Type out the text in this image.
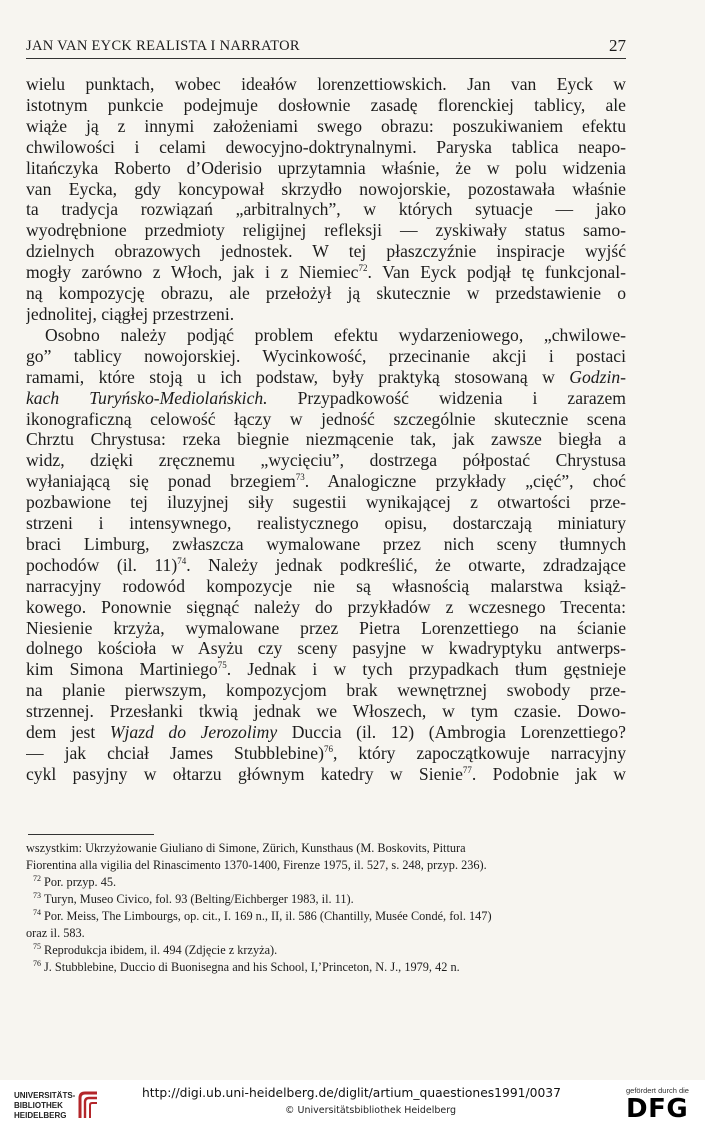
JAN VAN EYCK REALISTA I NARRATOR	27
wielu punktach, wobec ideałów lorenzettiowskich. Jan van Eyck w
istotnym punkcie podejmuje dosłownie zasadę florenckiej tablicy, ale
wiąże ją z innymi założeniami swego obrazu: poszukiwaniem efektu
chwilowości i celami dewocyjno-doktrynalnymi. Paryska tablica neapo-
litańczyka Roberto d’Oderisio uprzytamnia właśnie, że w polu widzenia
van Eycka, gdy koncypował skrzydło nowojorskie, pozostawała właśnie
ta tradycja rozwiązań „arbitralnych”, w których sytuacje — jako
wyodrębnione przedmioty religijnej refleksji — zyskiwały status samo-
dzielnych obrazowych jednostek. W tej płaszczyźnie inspiracje wyjść
mogły zarówno z Włoch, jak i z Niemiec$^{72}$. Van Eyck podjął tę funkcjonal-
ną kompozycję obrazu, ale przełożył ją skutecznie w przedstawienie o
jednolitej, ciągłej przestrzeni.
Osobno należy podjąć problem efektu wydarzeniowego, „chwilowe-
go” tablicy nowojorskiej. Wycinkowość, przecinanie akcji i postaci
ramami, które stoją u ich podstaw, były praktyką stosowaną w Godzin-
kach Turyńsko-Mediolańskich. Przypadkowość widzenia i zarazem
ikonograficzną celowość łączy w jedność szczególnie skutecznie scena
Chrztu Chrystusa: rzeka biegnie niezmącenie tak, jak zawsze biegła a
widz, dzięki zręcznemu „wycięciu”, dostrzega półpostać Chrystusa
wyłaniającą się ponad brzegiem$^{73}$. Analogiczne przykłady „cięć”, choć
pozbawione tej iluzyjnej siły sugestii wynikającej z otwartości prze-
strzeni i intensywnego, realistycznego opisu, dostarczają miniatury
braci Limburg, zwłaszcza wymalowane przez nich sceny tłumnych
pochodów (il. 11)$^{74}$. Należy jednak podkreślić, że otwarte, zdradzające
narracyjny rodowód kompozycje nie są własnością malarstwa książ-
kowego. Ponownie sięgnąć należy do przykładów z wczesnego Trecenta:
Niesienie krzyża, wymalowane przez Pietra Lorenzettiego na ścianie
dolnego kościoła w Asyżu czy sceny pasyjne w kwadryptyku antwerps-
kim Simona Martiniego$^{75}$. Jednak i w tych przypadkach tłum gęstnieje
na planie pierwszym, kompozycjom brak wewnętrznej swobody prze-
strzennej. Przesłanki tkwią jednak we Włoszech, w tym czasie. Dowo-
dem jest Wjazd do Jerozolimy Duccia (il. 12) (Ambrogia Lorenzettiego?
— jak chciał James Stubblebine)$^{76}$, który zapoczątkowuje narracyjny
cykl pasyjny w ołtarzu głównym katedry w Sienie$^{77}$. Podobnie jak w
wszystkim: Ukrzyżowanie Giuliano di Simone, Zürich, Kunsthaus (M. Boskovits, Pittura
Fiorentina alla vigilia del Rinascimento 1370-1400, Firenze 1975, il. 527, s. 248, przyp. 236).
$^{72}$ Por. przyp. 45.
$^{73}$ Turyn, Museo Civico, fol. 93 (Belting/Eichberger 1983, il. 11).
$^{74}$ Por. Meiss, The Limbourgs, op. cit., I. 169 n., II, il. 586 (Chantilly, Musée Condé, fol. 147)
oraz il. 583.
$^{75}$ Reprodukcja ibidem, il. 494 (Zdjęcie z krzyża).
$^{76}$ J. Stubblebine, Duccio di Buonisegna and his School, I,’Princeton, N. J., 1979, 42 n.
UNIVERSITÄTS-
BIBLIOTHEK
HEIDELBERG
http://digi.ub.uni-heidelberg.de/diglit/artium_quaestiones1991/0037
© Universitätsbibliothek Heidelberg
gefördert durch die
DFG
